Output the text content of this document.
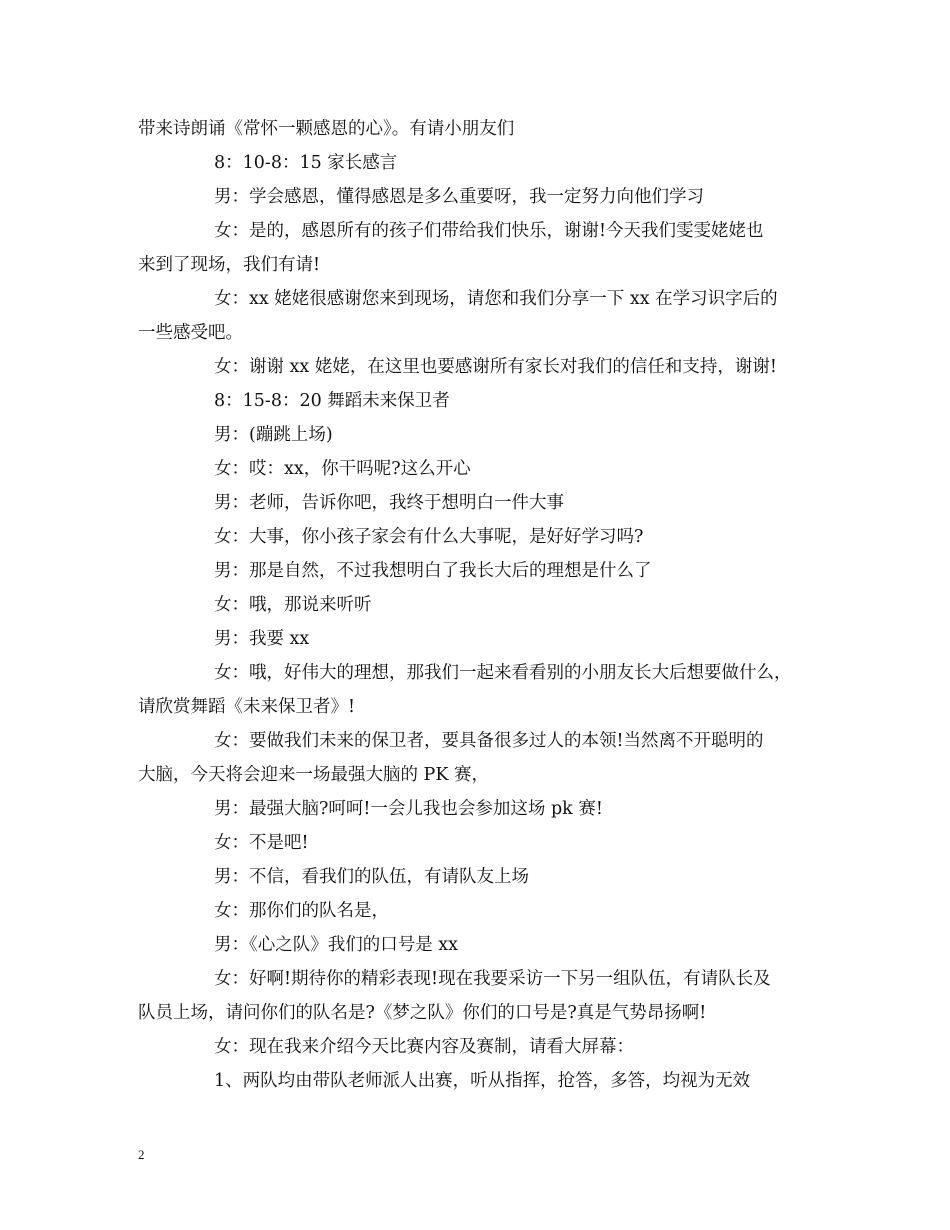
带来诗朗诵《常怀一颗感恩的心》。有请小朋友们
8：10-8：15 家长感言
男：学会感恩，懂得感恩是多么重要呀，我一定努力向他们学习
女：是的，感恩所有的孩子们带给我们快乐，谢谢!今天我们雯雯姥姥也
来到了现场，我们有请!
女：xx 姥姥很感谢您来到现场，请您和我们分享一下 xx 在学习识字后的
一些感受吧。
女：谢谢 xx 姥姥，在这里也要感谢所有家长对我们的信任和支持，谢谢!
8：15-8：20 舞蹈未来保卫者
男：(蹦跳上场)
女：哎：xx，你干吗呢?这么开心
男：老师，告诉你吧，我终于想明白一件大事
女：大事，你小孩子家会有什么大事呢，是好好学习吗?
男：那是自然，不过我想明白了我长大后的理想是什么了
女：哦，那说来听听
男：我要 xx
女：哦，好伟大的理想，那我们一起来看看别的小朋友长大后想要做什么，
请欣赏舞蹈《未来保卫者》!
女：要做我们未来的保卫者，要具备很多过人的本领!当然离不开聪明的
大脑，今天将会迎来一场最强大脑的 PK 赛，
男：最强大脑?呵呵!一会儿我也会参加这场 pk 赛!
女：不是吧!
男：不信，看我们的队伍，有请队友上场
女：那你们的队名是，
男：《心之队》我们的口号是 xx
女：好啊!期待你的精彩表现!现在我要采访一下另一组队伍，有请队长及
队员上场，请问你们的队名是?《梦之队》你们的口号是?真是气势昂扬啊!
女：现在我来介绍今天比赛内容及赛制，请看大屏幕：
1、两队均由带队老师派人出赛，听从指挥，抢答，多答，均视为无效
2
